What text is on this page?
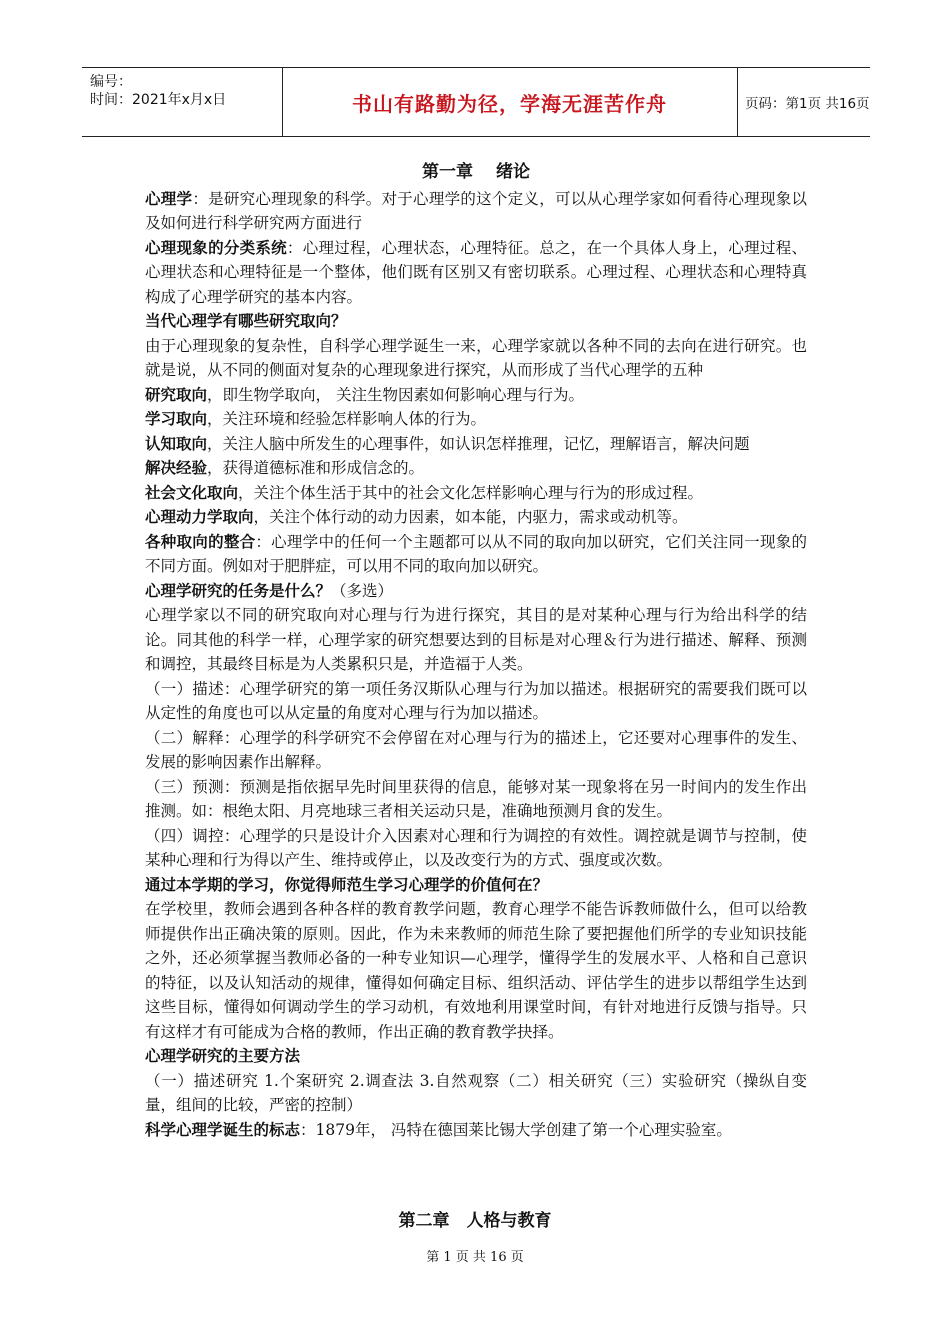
编号：
时间：2021年x月x日	书山有路勤为径，学海无涯苦作舟	页码：第1页 共16页

第一章　 绪论

心理学：是研究心理现象的科学。对于心理学的这个定义，可以从心理学家如何看待心理现象以及如何进行科学研究两方面进行

心理现象的分类系统：心理过程，心理状态，心理特征。总之，在一个具体人身上，心理过程、心理状态和心理特征是一个整体，他们既有区别又有密切联系。心理过程、心理状态和心理特真构成了心理学研究的基本内容。

当代心理学有哪些研究取向？

由于心理现象的复杂性，自科学心理学诞生一来，心理学家就以各种不同的去向在进行研究。也就是说，从不同的侧面对复杂的心理现象进行探究，从而形成了当代心理学的五种

研究取向，即生物学取向， 关注生物因素如何影响心理与行为。

学习取向，关注环境和经验怎样影响人体的行为。

认知取向，关注人脑中所发生的心理事件，如认识怎样推理，记忆，理解语言，解决问题

解决经验，获得道德标准和形成信念的。

社会文化取向，关注个体生活于其中的社会文化怎样影响心理与行为的形成过程。

心理动力学取向，关注个体行动的动力因素，如本能，内驱力，需求或动机等。

各种取向的整合：心理学中的任何一个主题都可以从不同的取向加以研究，它们关注同一现象的不同方面。例如对于肥胖症，可以用不同的取向加以研究。

心理学研究的任务是什么？（多选）

心理学家以不同的研究取向对心理与行为进行探究，其目的是对某种心理与行为给出科学的结论。同其他的科学一样，心理学家的研究想要达到的目标是对心理＆行为进行描述、解释、预测和调控，其最终目标是为人类累积只是，并造福于人类。

（一）描述：心理学研究的第一项任务汉斯队心理与行为加以描述。根据研究的需要我们既可以从定性的角度也可以从定量的角度对心理与行为加以描述。

（二）解释：心理学的科学研究不会停留在对心理与行为的描述上，它还要对心理事件的发生、发展的影响因素作出解释。

（三）预测：预测是指依据早先时间里获得的信息，能够对某一现象将在另一时间内的发生作出推测。如：根绝太阳、月亮地球三者相关运动只是，准确地预测月食的发生。

（四）调控：心理学的只是设计介入因素对心理和行为调控的有效性。调控就是调节与控制，使某种心理和行为得以产生、维持或停止，以及改变行为的方式、强度或次数。

通过本学期的学习，你觉得师范生学习心理学的价值何在？

在学校里，教师会遇到各种各样的教育教学问题，教育心理学不能告诉教师做什么，但可以给教师提供作出正确决策的原则。因此，作为未来教师的师范生除了要把握他们所学的专业知识技能之外，还必须掌握当教师必备的一种专业知识—心理学，懂得学生的发展水平、人格和自己意识的特征，以及认知活动的规律，懂得如何确定目标、组织活动、评估学生的进步以帮组学生达到这些目标，懂得如何调动学生的学习动机，有效地利用课堂时间，有针对地进行反馈与指导。只有这样才有可能成为合格的教师，作出正确的教育教学抉择。

心理学研究的主要方法

（一）描述研究 1.个案研究 2.调查法 3.自然观察（二）相关研究（三）实验研究（操纵自变量，组间的比较，严密的控制）

科学心理学诞生的标志：1879年， 冯特在德国莱比锡大学创建了第一个心理实验室。

第二章　人格与教育
第 1 页 共 16 页
